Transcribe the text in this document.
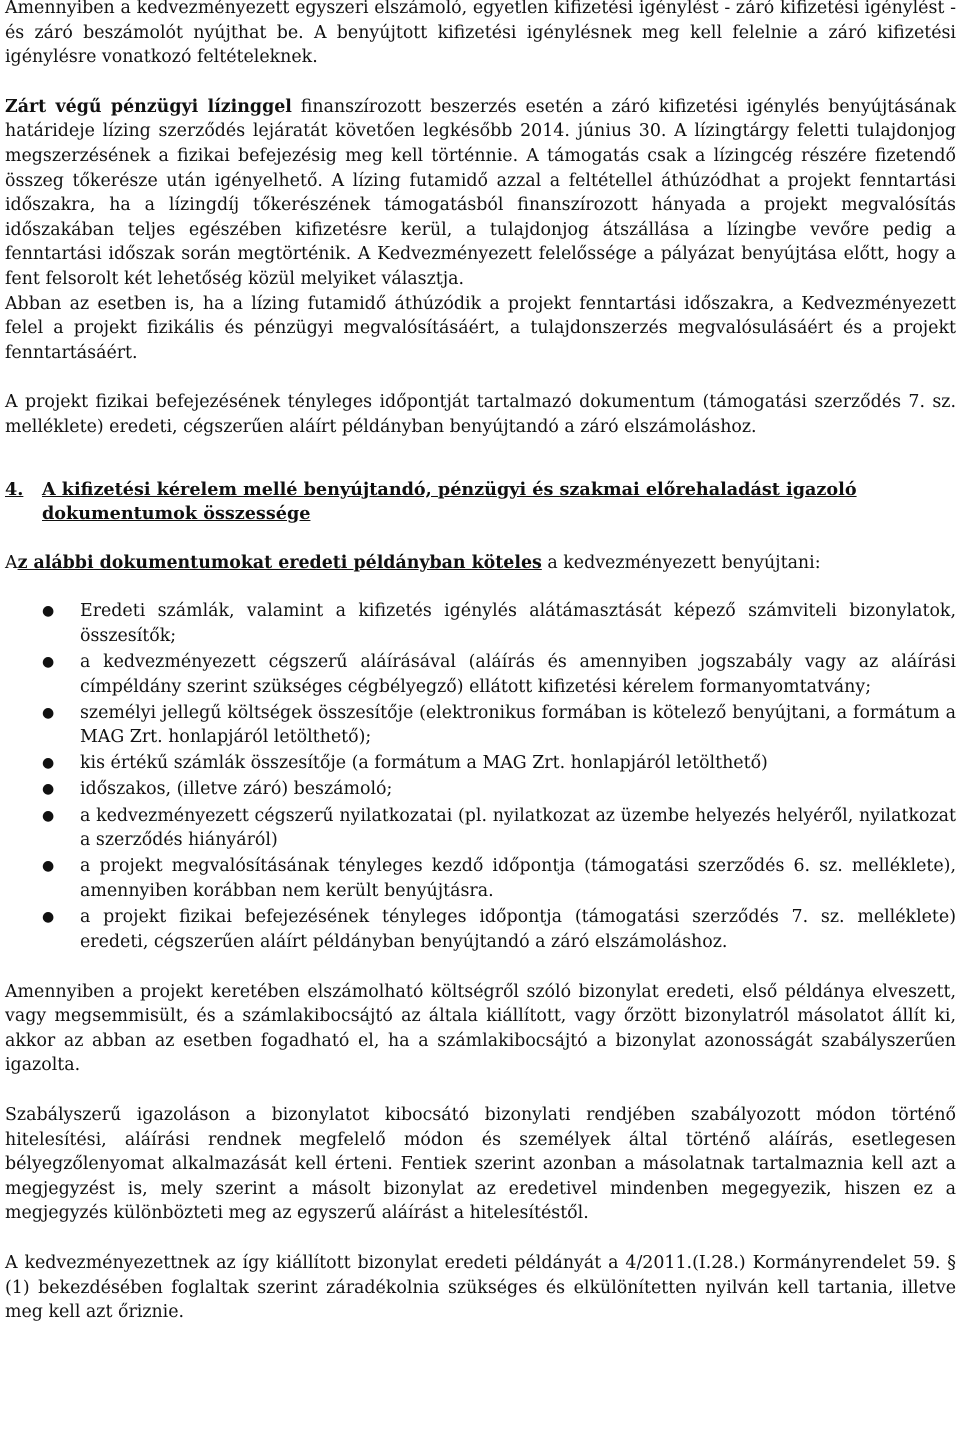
Amennyiben a kedvezményezett egyszeri elszámoló, egyetlen kifizetési igénylést - záró kifizetési igénylést - és záró beszámolót nyújthat be. A benyújtott kifizetési igénylésnek meg kell felelnie a záró kifizetési igénylésre vonatkozó feltételeknek.

Zárt végű pénzügyi lízinggel finanszírozott beszerzés esetén a záró kifizetési igénylés benyújtásának határideje lízing szerződés lejáratát követően legkésőbb 2014. június 30. A lízingtárgy feletti tulajdonjog megszerzésének a fizikai befejezésig meg kell történnie. A támogatás csak a lízingcég részére fizetendő összeg tőkerésze után igényelhető. A lízing futamidő azzal a feltétellel áthúzódhat a projekt fenntartási időszakra, ha a lízingdíj tőkerészének támogatásból finanszírozott hányada a projekt megvalósítás időszakában teljes egészében kifizetésre kerül, a tulajdonjog átszállása a lízingbe vevőre pedig a fenntartási időszak során megtörténik. A Kedvezményezett felelőssége a pályázat benyújtása előtt, hogy a fent felsorolt két lehetőség közül melyiket választja.

Abban az esetben is, ha a lízing futamidő áthúzódik a projekt fenntartási időszakra, a Kedvezményezett felel a projekt fizikális és pénzügyi megvalósításáért, a tulajdonszerzés megvalósulásáért és a projekt fenntartásáért.

A projekt fizikai befejezésének tényleges időpontját tartalmazó dokumentum (támogatási szerződés 7. sz. melléklete) eredeti, cégszerűen aláírt példányban benyújtandó a záró elszámoláshoz.

4.	A kifizetési kérelem mellé benyújtandó, pénzügyi és szakmai előrehaladást igazoló dokumentumok összessége

Az alábbi dokumentumokat eredeti példányban köteles a kedvezményezett benyújtani:

● Eredeti számlák, valamint a kifizetés igénylés alátámasztását képező számviteli bizonylatok, összesítők;
● a kedvezményezett cégszerű aláírásával (aláírás és amennyiben jogszabály vagy az aláírási címpéldány szerint szükséges cégbélyegző) ellátott kifizetési kérelem formanyomtatvány;
● személyi jellegű költségek összesítője (elektronikus formában is kötelező benyújtani, a formátum a MAG Zrt. honlapjáról letölthető);
● kis értékű számlák összesítője (a formátum a MAG Zrt. honlapjáról letölthető)
● időszakos, (illetve záró) beszámoló;
● a kedvezményezett cégszerű nyilatkozatai (pl. nyilatkozat az üzembe helyezés helyéről, nyilatkozat a szerződés hiányáról)
● a projekt megvalósításának tényleges kezdő időpontja (támogatási szerződés 6. sz. melléklete), amennyiben korábban nem került benyújtásra.
● a projekt fizikai befejezésének tényleges időpontja (támogatási szerződés 7. sz. melléklete) eredeti, cégszerűen aláírt példányban benyújtandó a záró elszámoláshoz.

Amennyiben a projekt keretében elszámolható költségről szóló bizonylat eredeti, első példánya elveszett, vagy megsemmisült, és a számlakibocsájtó az általa kiállított, vagy őrzött bizonylatról másolatot állít ki, akkor az abban az esetben fogadható el, ha a számlakibocsájtó a bizonylat azonosságát szabályszerűen igazolta.

Szabályszerű igazoláson a bizonylatot kibocsátó bizonylati rendjében szabályozott módon történő hitelesítési, aláírási rendnek megfelelő módon és személyek által történő aláírás, esetlegesen bélyegzőlenyomat alkalmazását kell érteni. Fentiek szerint azonban a másolatnak tartalmaznia kell azt a megjegyzést is, mely szerint a másolt bizonylat az eredetivel mindenben megegyezik, hiszen ez a megjegyzés különbözteti meg az egyszerű aláírást a hitelesítéstől.

A kedvezményezettnek az így kiállított bizonylat eredeti példányát a 4/2011.(I.28.) Kormányrendelet 59. § (1) bekezdésében foglaltak szerint záradékolnia szükséges és elkülönítetten nyilván kell tartania, illetve meg kell azt őriznie.
